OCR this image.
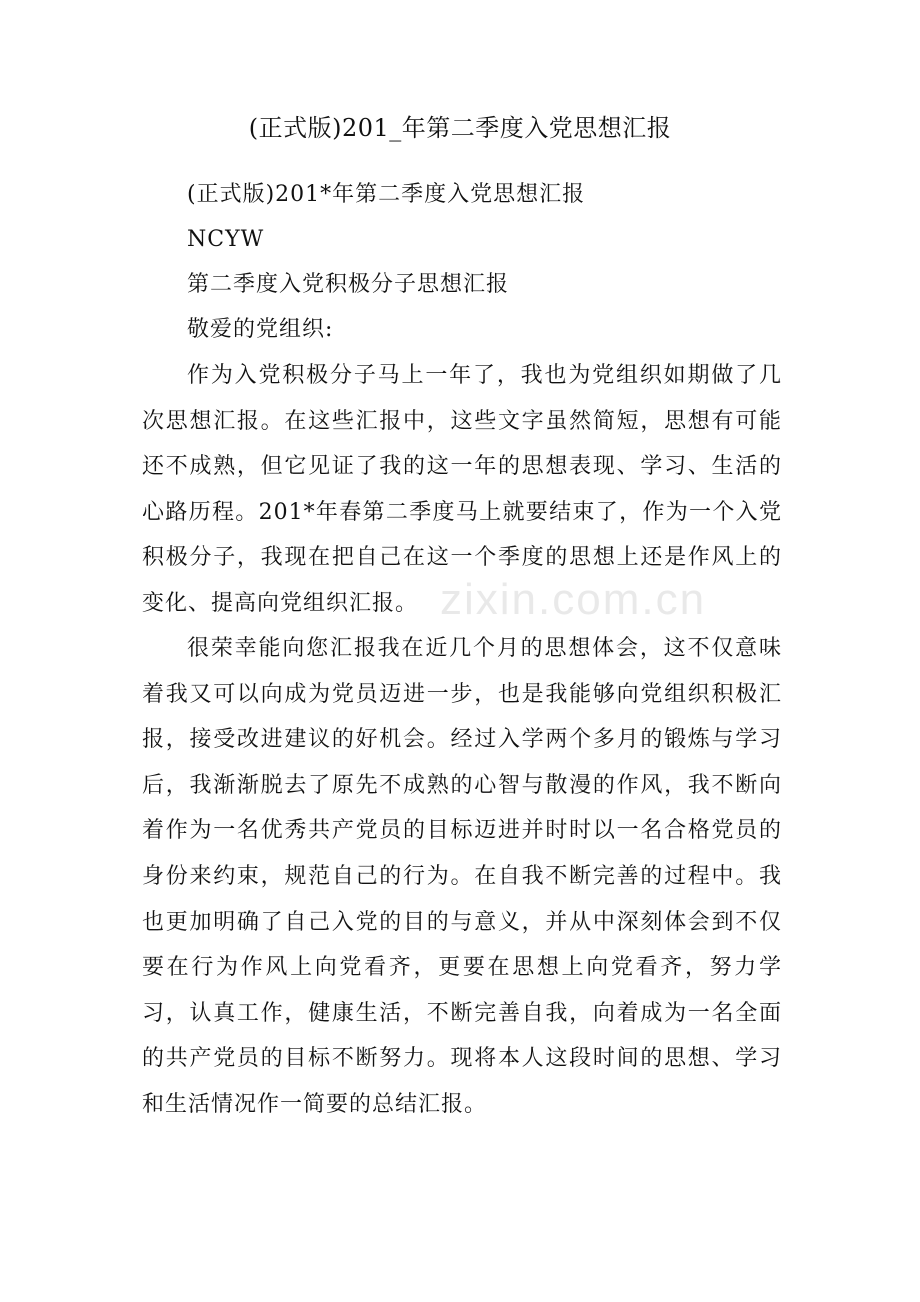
(正式版)201_年第二季度入党思想汇报
(正式版)201*年第二季度入党思想汇报
NCYW
第二季度入党积极分子思想汇报
敬爱的党组织:

作为入党积极分子马上一年了，我也为党组织如期做了几次思想汇报。在这些汇报中，这些文字虽然简短，思想有可能还不成熟，但它见证了我的这一年的思想表现、学习、生活的心路历程。201*年春第二季度马上就要结束了，作为一个入党积极分子，我现在把自己在这一个季度的思想上还是作风上的变化、提高向党组织汇报。

很荣幸能向您汇报我在近几个月的思想体会，这不仅意味着我又可以向成为党员迈进一步，也是我能够向党组织积极汇报，接受改进建议的好机会。经过入学两个多月的锻炼与学习后，我渐渐脱去了原先不成熟的心智与散漫的作风，我不断向着作为一名优秀共产党员的目标迈进并时时以一名合格党员的身份来约束，规范自己的行为。在自我不断完善的过程中。我也更加明确了自己入党的目的与意义，并从中深刻体会到不仅要在行为作风上向党看齐，更要在思想上向党看齐，努力学习，认真工作，健康生活，不断完善自我，向着成为一名全面的共产党员的目标不断努力。现将本人这段时间的思想、学习和生活情况作一简要的总结汇报。

zixin.com.cn
